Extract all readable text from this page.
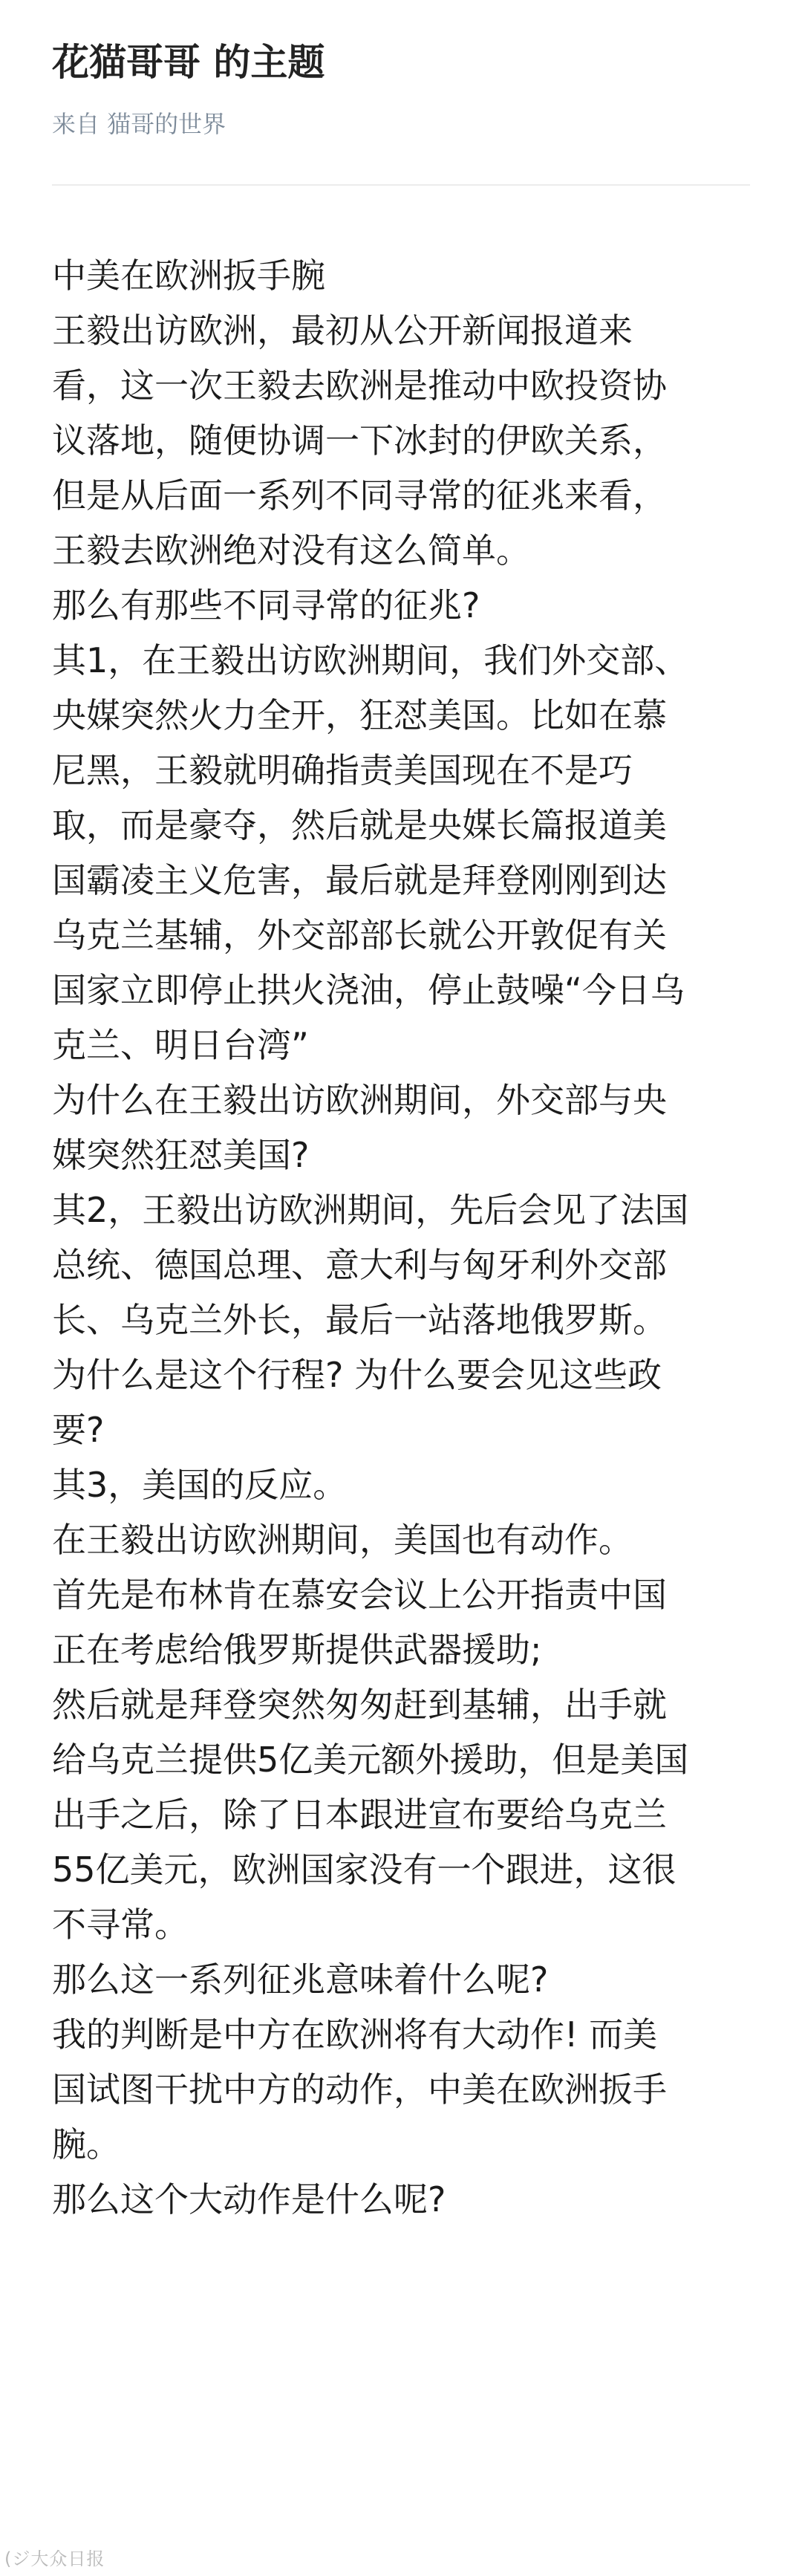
花猫哥哥 的主题
来自 猫哥的世界

中美在欧洲扳手腕

王毅出访欧洲，最初从公开新闻报道来
看，这一次王毅去欧洲是推动中欧投资协
议落地，随便协调一下冰封的伊欧关系，
但是从后面一系列不同寻常的征兆来看，
王毅去欧洲绝对没有这么简单。

那么有那些不同寻常的征兆?

其1，在王毅出访欧洲期间，我们外交部、
央媒突然火力全开，狂怼美国。比如在慕
尼黑，王毅就明确指责美国现在不是巧
取，而是豪夺，然后就是央媒长篇报道美
国霸凌主义危害，最后就是拜登刚刚到达
乌克兰基辅，外交部部长就公开敦促有关
国家立即停止拱火浇油，停止鼓噪“今日乌
克兰、明日台湾”

为什么在王毅出访欧洲期间，外交部与央
媒突然狂怼美国?

其2，王毅出访欧洲期间，先后会见了法国
总统、德国总理、意大利与匈牙利外交部
长、乌克兰外长，最后一站落地俄罗斯。

为什么是这个行程? 为什么要会见这些政
要?

其3，美国的反应。

在王毅出访欧洲期间，美国也有动作。

首先是布林肯在慕安会议上公开指责中国
正在考虑给俄罗斯提供武器援助;

然后就是拜登突然匆匆赶到基辅，出手就
给乌克兰提供5亿美元额外援助，但是美国
出手之后，除了日本跟进宣布要给乌克兰
55亿美元，欧洲国家没有一个跟进，这很
不寻常。

那么这一系列征兆意味着什么呢?

我的判断是中方在欧洲将有大动作! 而美
国试图干扰中方的动作，中美在欧洲扳手
腕。

那么这个大动作是什么呢?

(ジ大众日报
